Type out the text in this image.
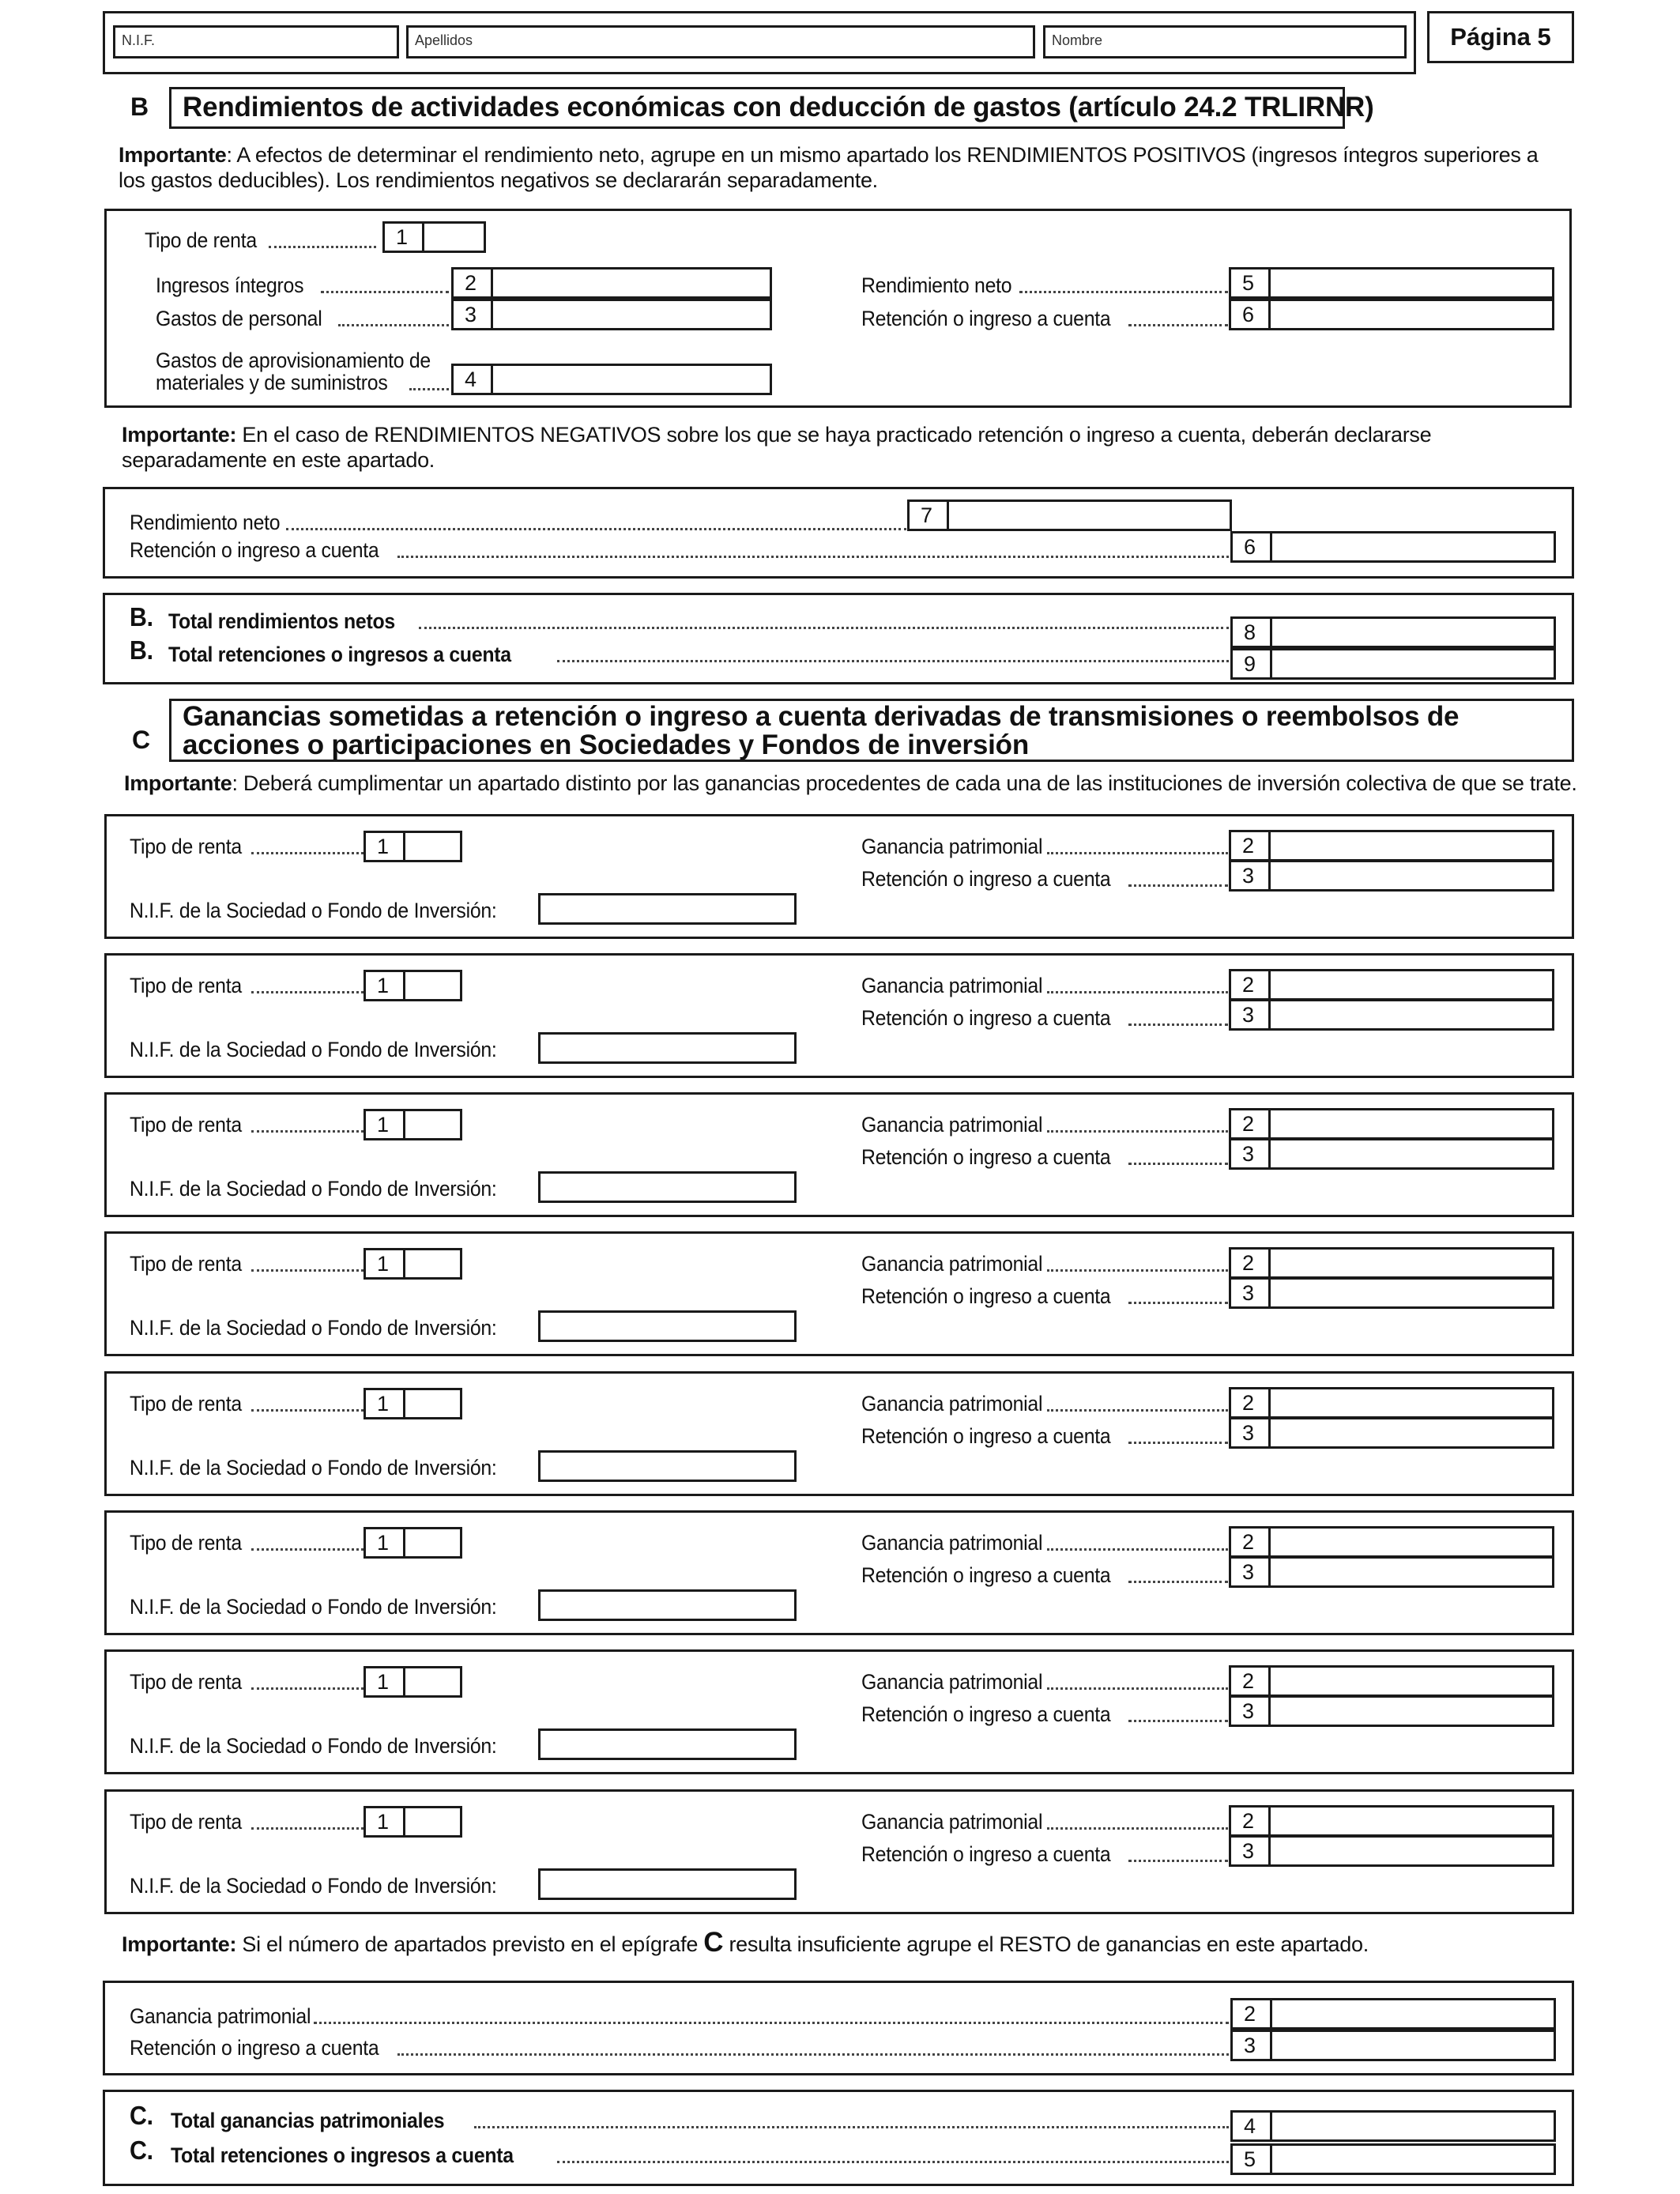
N.I.F.	Apellidos	Nombre	Página 5
B	Rendimientos de actividades económicas con deducción de gastos (artículo 24.2 TRLIRNR)
Importante: A efectos de determinar el rendimiento neto, agrupe en un mismo apartado los RENDIMIENTOS POSITIVOS (ingresos íntegros superiores a los gastos deducibles). Los rendimientos negativos se declararán separadamente.
Tipo de renta	1
Ingresos íntegros	2
Gastos de personal	3
Gastos de aprovisionamiento de
materiales y de suministros	4
Rendimiento neto	5
Retención o ingreso a cuenta	6
Importante: En el caso de RENDIMIENTOS NEGATIVOS sobre los que se haya practicado retención o ingreso a cuenta, deberán declararse separadamente en este apartado.
Rendimiento neto	7
Retención o ingreso a cuenta	6
B. Total rendimientos netos	8
B. Total retenciones o ingresos a cuenta	9
C
Ganancias sometidas a retención o ingreso a cuenta derivadas de transmisiones o reembolsos de acciones o participaciones en Sociedades y Fondos de inversión
Importante: Deberá cumplimentar un apartado distinto por las ganancias procedentes de cada una de las instituciones de inversión colectiva de que se trate.
Tipo de renta	1
N.I.F. de la Sociedad o Fondo de Inversión:
Ganancia patrimonial	2
Retención o ingreso a cuenta	3
Tipo de renta	1
N.I.F. de la Sociedad o Fondo de Inversión:
Ganancia patrimonial	2
Retención o ingreso a cuenta	3
Tipo de renta	1
N.I.F. de la Sociedad o Fondo de Inversión:
Ganancia patrimonial	2
Retención o ingreso a cuenta	3
Tipo de renta	1
N.I.F. de la Sociedad o Fondo de Inversión:
Ganancia patrimonial	2
Retención o ingreso a cuenta	3
Tipo de renta	1
N.I.F. de la Sociedad o Fondo de Inversión:
Ganancia patrimonial	2
Retención o ingreso a cuenta	3
Tipo de renta	1
N.I.F. de la Sociedad o Fondo de Inversión:
Ganancia patrimonial	2
Retención o ingreso a cuenta	3
Tipo de renta	1
N.I.F. de la Sociedad o Fondo de Inversión:
Ganancia patrimonial	2
Retención o ingreso a cuenta	3
Tipo de renta	1
N.I.F. de la Sociedad o Fondo de Inversión:
Ganancia patrimonial	2
Retención o ingreso a cuenta	3
Importante: Si el número de apartados previsto en el epígrafe C resulta insuficiente agrupe el RESTO de ganancias en este apartado.
Ganancia patrimonial	2
Retención o ingreso a cuenta	3
C. Total ganancias patrimoniales	4
C. Total retenciones o ingresos a cuenta	5
